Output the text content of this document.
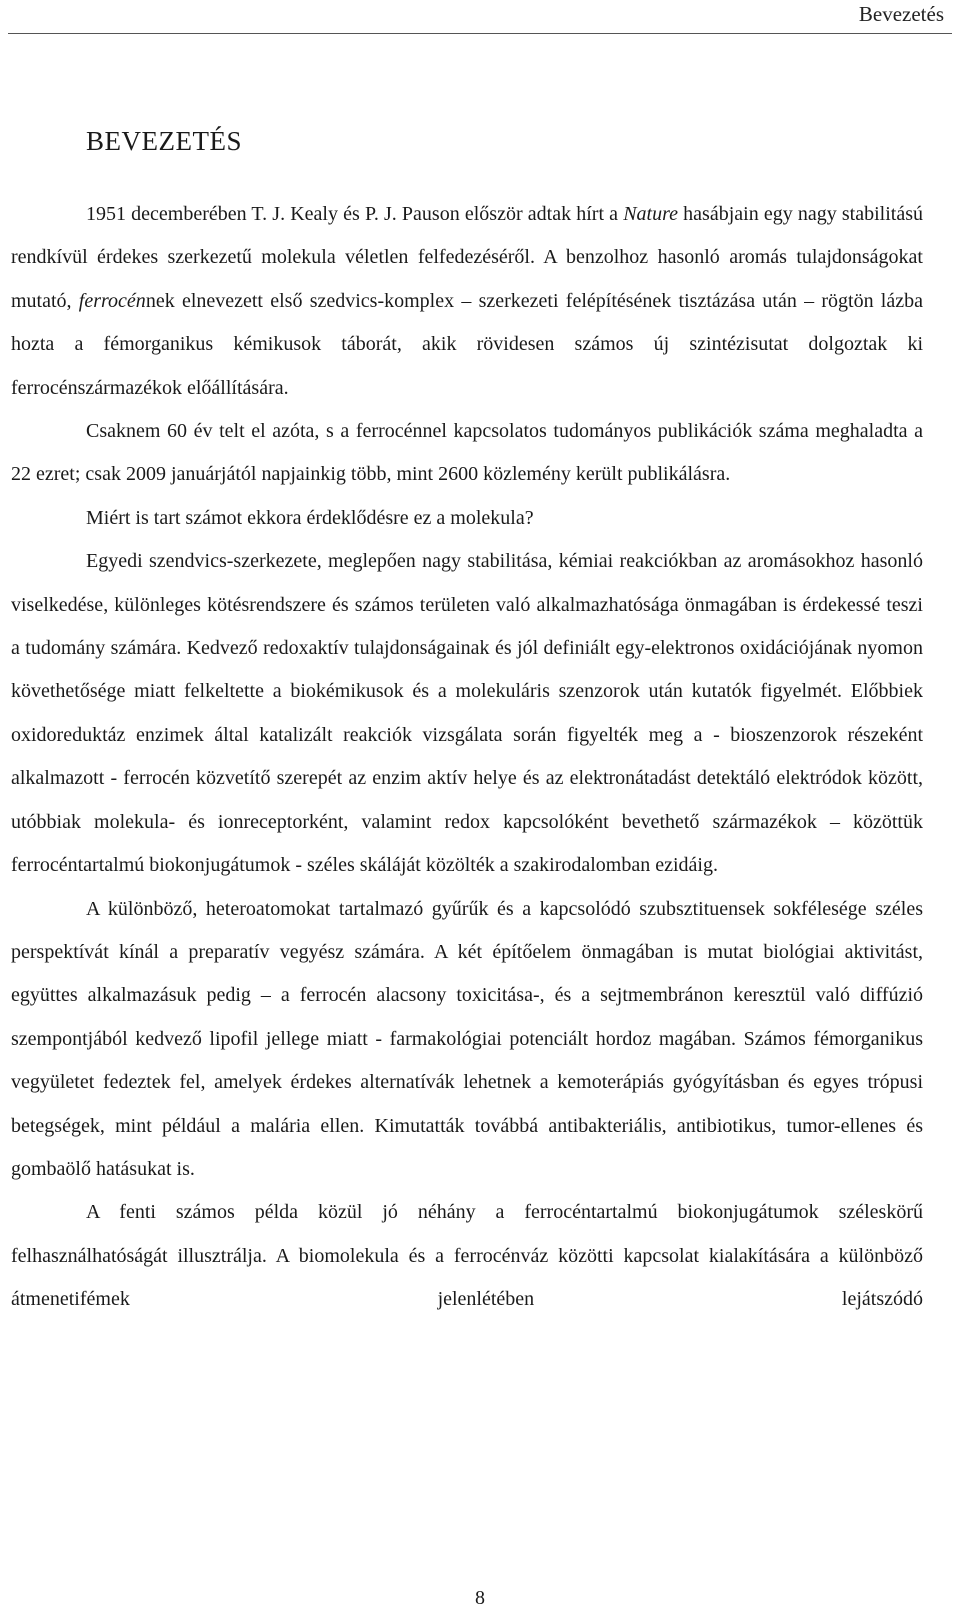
Bevezetés
BEVEZETÉS

1951 decemberében T. J. Kealy és P. J. Pauson először adtak hírt a Nature hasábjain egy nagy stabilitású rendkívül érdekes szerkezetű molekula véletlen felfedezéséről. A benzolhoz hasonló aromás tulajdonságokat mutató, ferrocénnek elnevezett első szedvics-komplex – szerkezeti felépítésének tisztázása után – rögtön lázba hozta a fémorganikus kémikusok táborát, akik rövidesen számos új szintézisutat dolgoztak ki ferrocénszármazékok előállítására.

Csaknem 60 év telt el azóta, s a ferrocénnel kapcsolatos tudományos publikációk száma meghaladta a 22 ezret; csak 2009 januárjától napjainkig több, mint 2600 közlemény került publikálásra.

Miért is tart számot ekkora érdeklődésre ez a molekula?

Egyedi szendvics-szerkezete, meglepően nagy stabilitása, kémiai reakciókban az aromásokhoz hasonló viselkedése, különleges kötésrendszere és számos területen való alkalmazhatósága önmagában is érdekessé teszi a tudomány számára. Kedvező redoxaktív tulajdonságainak és jól definiált egy-elektronos oxidációjának nyomon követhetősége miatt felkeltette a biokémikusok és a molekuláris szenzorok után kutatók figyelmét. Előbbiek oxidoreduktáz enzimek által katalizált reakciók vizsgálata során figyelték meg a - bioszenzorok részeként alkalmazott - ferrocén közvetítő szerepét az enzim aktív helye és az elektronátadást detektáló elektródok között, utóbbiak molekula- és ionreceptorként, valamint redox kapcsolóként bevethető származékok – közöttük ferrocéntartalmú biokonjugátumok - széles skáláját közölték a szakirodalomban ezidáig.

A különböző, heteroatomokat tartalmazó gyűrűk és a kapcsolódó szubsztituensek sokfélesége széles perspektívát kínál a preparatív vegyész számára. A két építőelem önmagában is mutat biológiai aktivitást, együttes alkalmazásuk pedig – a ferrocén alacsony toxicitása-, és a sejtmembránon keresztül való diffúzió szempontjából kedvező lipofil jellege miatt - farmakológiai potenciált hordoz magában. Számos fémorganikus vegyületet fedeztek fel, amelyek érdekes alternatívák lehetnek a kemoterápiás gyógyításban és egyes trópusi betegségek, mint például a malária ellen. Kimutatták továbbá antibakteriális, antibiotikus, tumor-ellenes és gombaölő hatásukat is.

A fenti számos példa közül jó néhány a ferrocéntartalmú biokonjugátumok széleskörű felhasználhatóságát illusztrálja. A biomolekula és a ferrocénváz közötti kapcsolat kialakítására a különböző átmenetifémek jelenlétében lejátszódó

8
